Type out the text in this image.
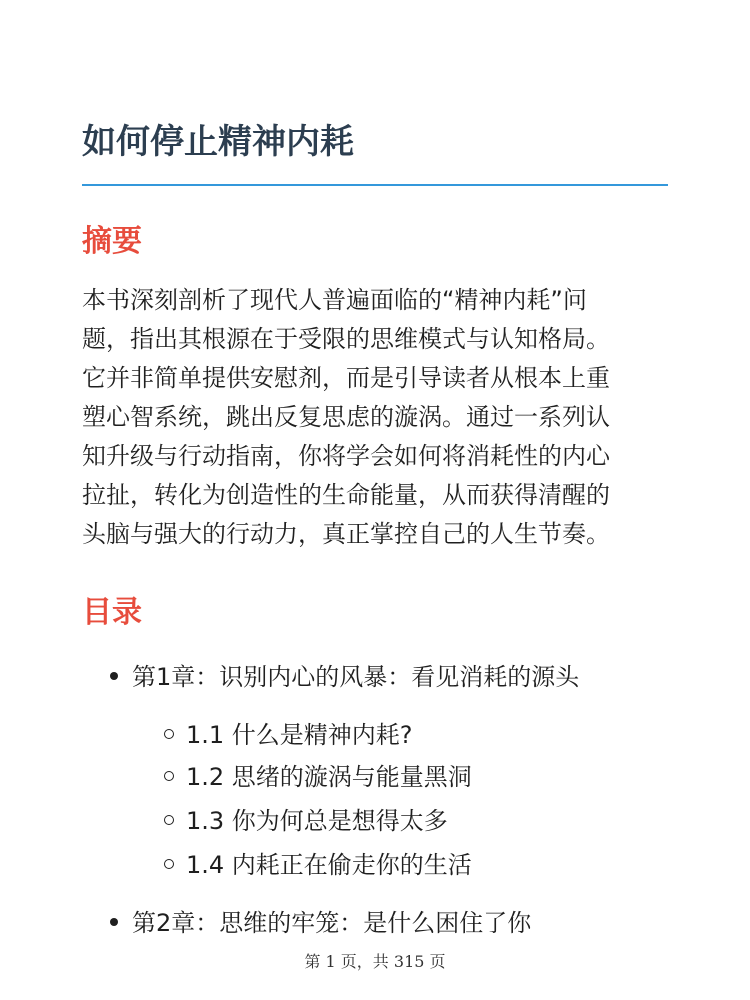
如何停止精神内耗
摘要
本书深刻剖析了现代人普遍面临的“精神内耗”问
题，指出其根源在于受限的思维模式与认知格局。
它并非简单提供安慰剂，而是引导读者从根本上重
塑心智系统，跳出反复思虑的漩涡。通过一系列认
知升级与行动指南，你将学会如何将消耗性的内心
拉扯，转化为创造性的生命能量，从而获得清醒的
头脑与强大的行动力，真正掌控自己的人生节奏。
目录
第1章：识别内心的风暴：看见消耗的源头
1.1 什么是精神内耗?
1.2 思绪的漩涡与能量黑洞
1.3 你为何总是想得太多
1.4 内耗正在偷走你的生活
第2章：思维的牢笼：是什么困住了你
第 1 页，共 315 页
